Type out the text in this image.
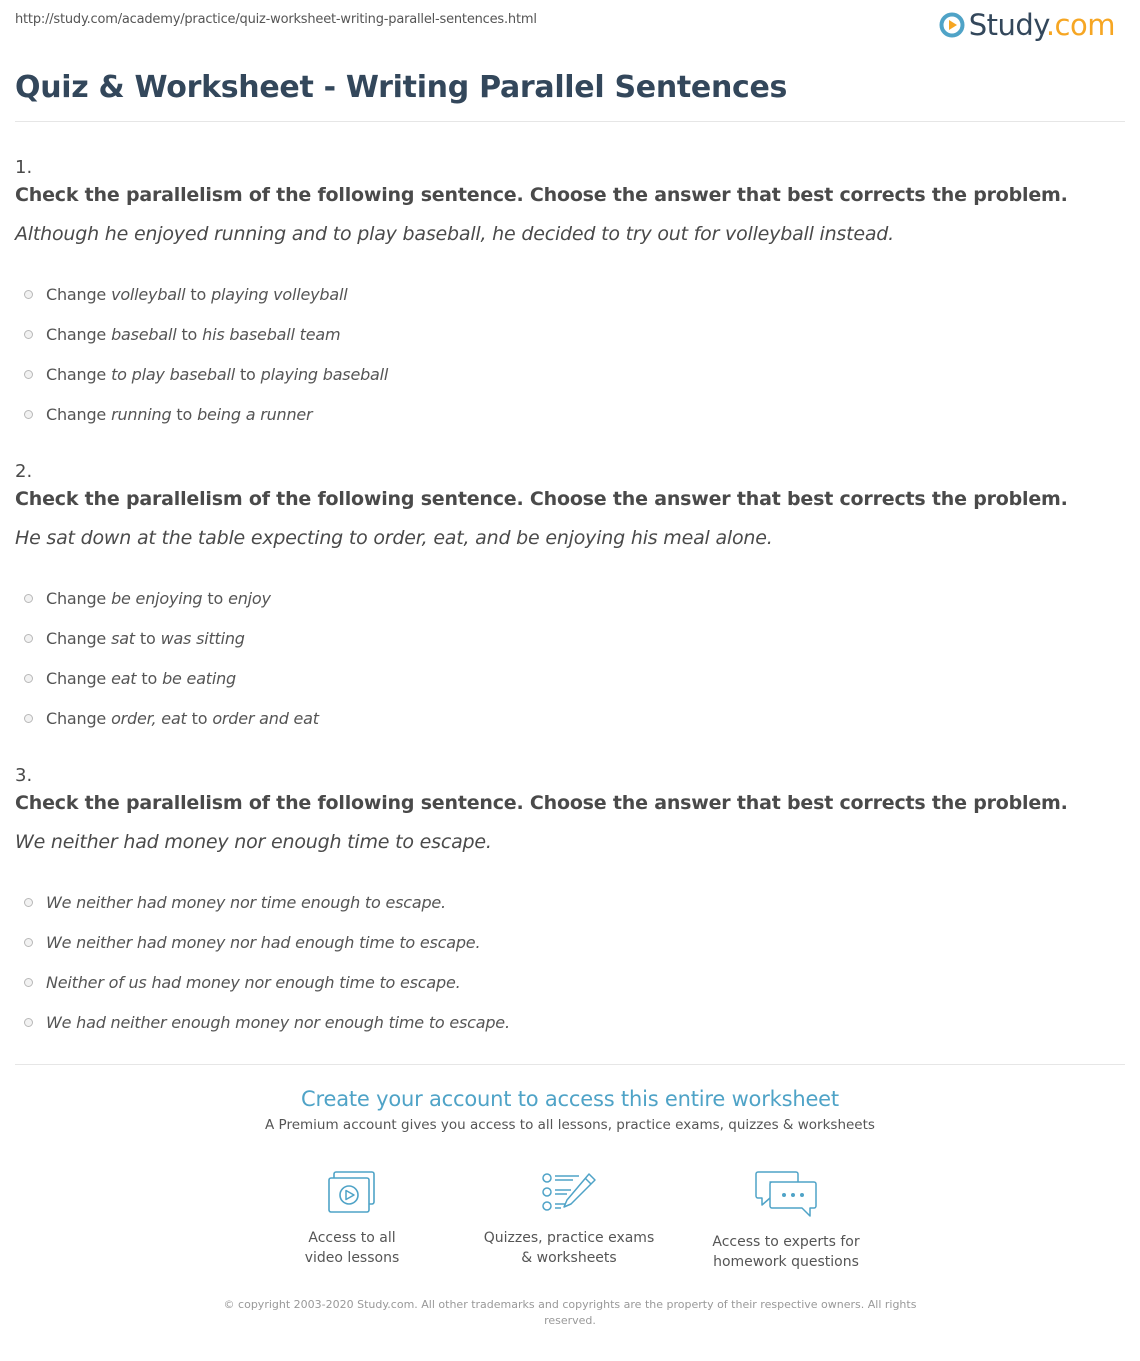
http://study.com/academy/practice/quiz-worksheet-writing-parallel-sentences.html	Study.com
Quiz & Worksheet - Writing Parallel Sentences
1.
Check the parallelism of the following sentence. Choose the answer that best corrects the problem.
Although he enjoyed running and to play baseball, he decided to try out for volleyball instead.
Change volleyball to playing volleyball
Change baseball to his baseball team
Change to play baseball to playing baseball
Change running to being a runner
2.
Check the parallelism of the following sentence. Choose the answer that best corrects the problem.
He sat down at the table expecting to order, eat, and be enjoying his meal alone.
Change be enjoying to enjoy
Change sat to was sitting
Change eat to be eating
Change order, eat to order and eat
3.
Check the parallelism of the following sentence. Choose the answer that best corrects the problem.
We neither had money nor enough time to escape.
We neither had money nor time enough to escape.
We neither had money nor had enough time to escape.
Neither of us had money nor enough time to escape.
We had neither enough money nor enough time to escape.
Create your account to access this entire worksheet
A Premium account gives you access to all lessons, practice exams, quizzes & worksheets
Access to all
video lessons
Quizzes, practice exams
& worksheets
Access to experts for
homework questions
© copyright 2003-2020 Study.com. All other trademarks and copyrights are the property of their respective owners. All rights
reserved.
